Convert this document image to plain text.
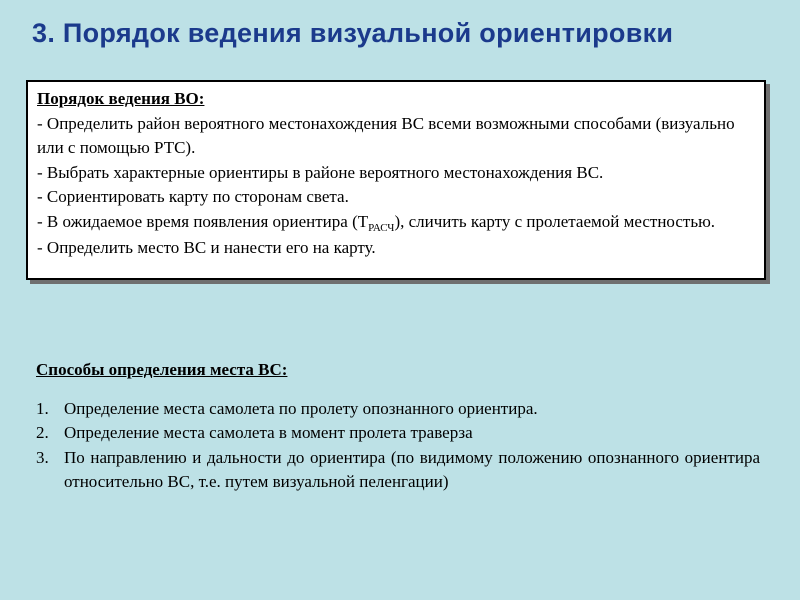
3. Порядок ведения визуальной ориентировки
Порядок ведения ВО:
- Определить район вероятного местонахождения ВС всеми возможными способами (визуально или с помощью РТС).
- Выбрать характерные ориентиры в районе вероятного местонахождения ВС.
- Сориентировать карту по сторонам света.
- В ожидаемое время появления ориентира $(Т_{РАСЧ})$, сличить карту с пролетаемой местностью.
- Определить место ВС и нанести его на карту.
Способы определения места ВС:
1. Определение места самолета по пролету опознанного ориентира.
2. Определение места самолета в момент пролета траверза
3. По направлению и дальности до ориентира (по видимому положению опознанного ориентира относительно ВС, т.е. путем визуальной пеленгации)
